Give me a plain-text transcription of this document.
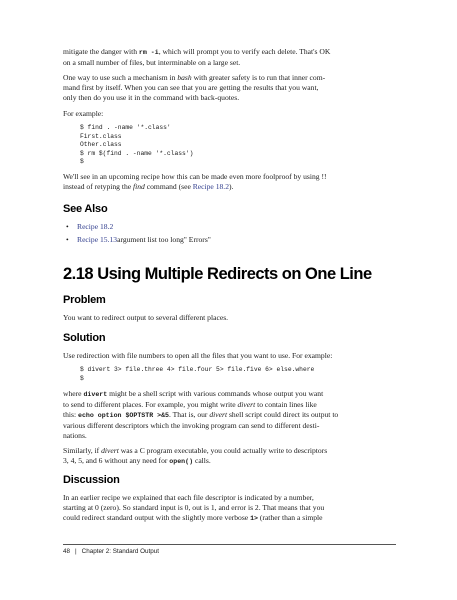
mitigate the danger with rm -i, which will prompt you to verify each delete. That's OK

on a small number of files, but interminable on a large set.

One way to use such a mechanism in bash with greater safety is to run that inner com-

mand first by itself. When you can see that you are getting the results that you want,

only then do you use it in the command with back-quotes.

For example:

$ find . -name '*.class'
First.class
Other.class
$ rm $(find . -name '*.class')
$

We'll see in an upcoming recipe how this can be made even more foolproof by using !!

instead of retyping the find command (see Recipe 18.2).

See Also
• Recipe 18.2
• Recipe 15.13argument list too long" Errors"
2.18 Using Multiple Redirects on One Line
Problem

You want to redirect output to several different places.

Solution

Use redirection with file numbers to open all the files that you want to use. For example:

$ divert 3> file.three 4> file.four 5> file.five 6> else.where
$

where divert might be a shell script with various commands whose output you want

to send to different places. For example, you might write divert to contain lines like

this: echo option $OPTSTR >&5. That is, our divert shell script could direct its output to

various different descriptors which the invoking program can send to different desti-

nations.

Similarly, if divert was a C program executable, you could actually write to descriptors

3, 4, 5, and 6 without any need for open() calls.

Discussion

In an earlier recipe we explained that each file descriptor is indicated by a number,

starting at 0 (zero). So standard input is 0, out is 1, and error is 2. That means that you

could redirect standard output with the slightly more verbose 1> (rather than a simple

48 | Chapter 2: Standard Output
